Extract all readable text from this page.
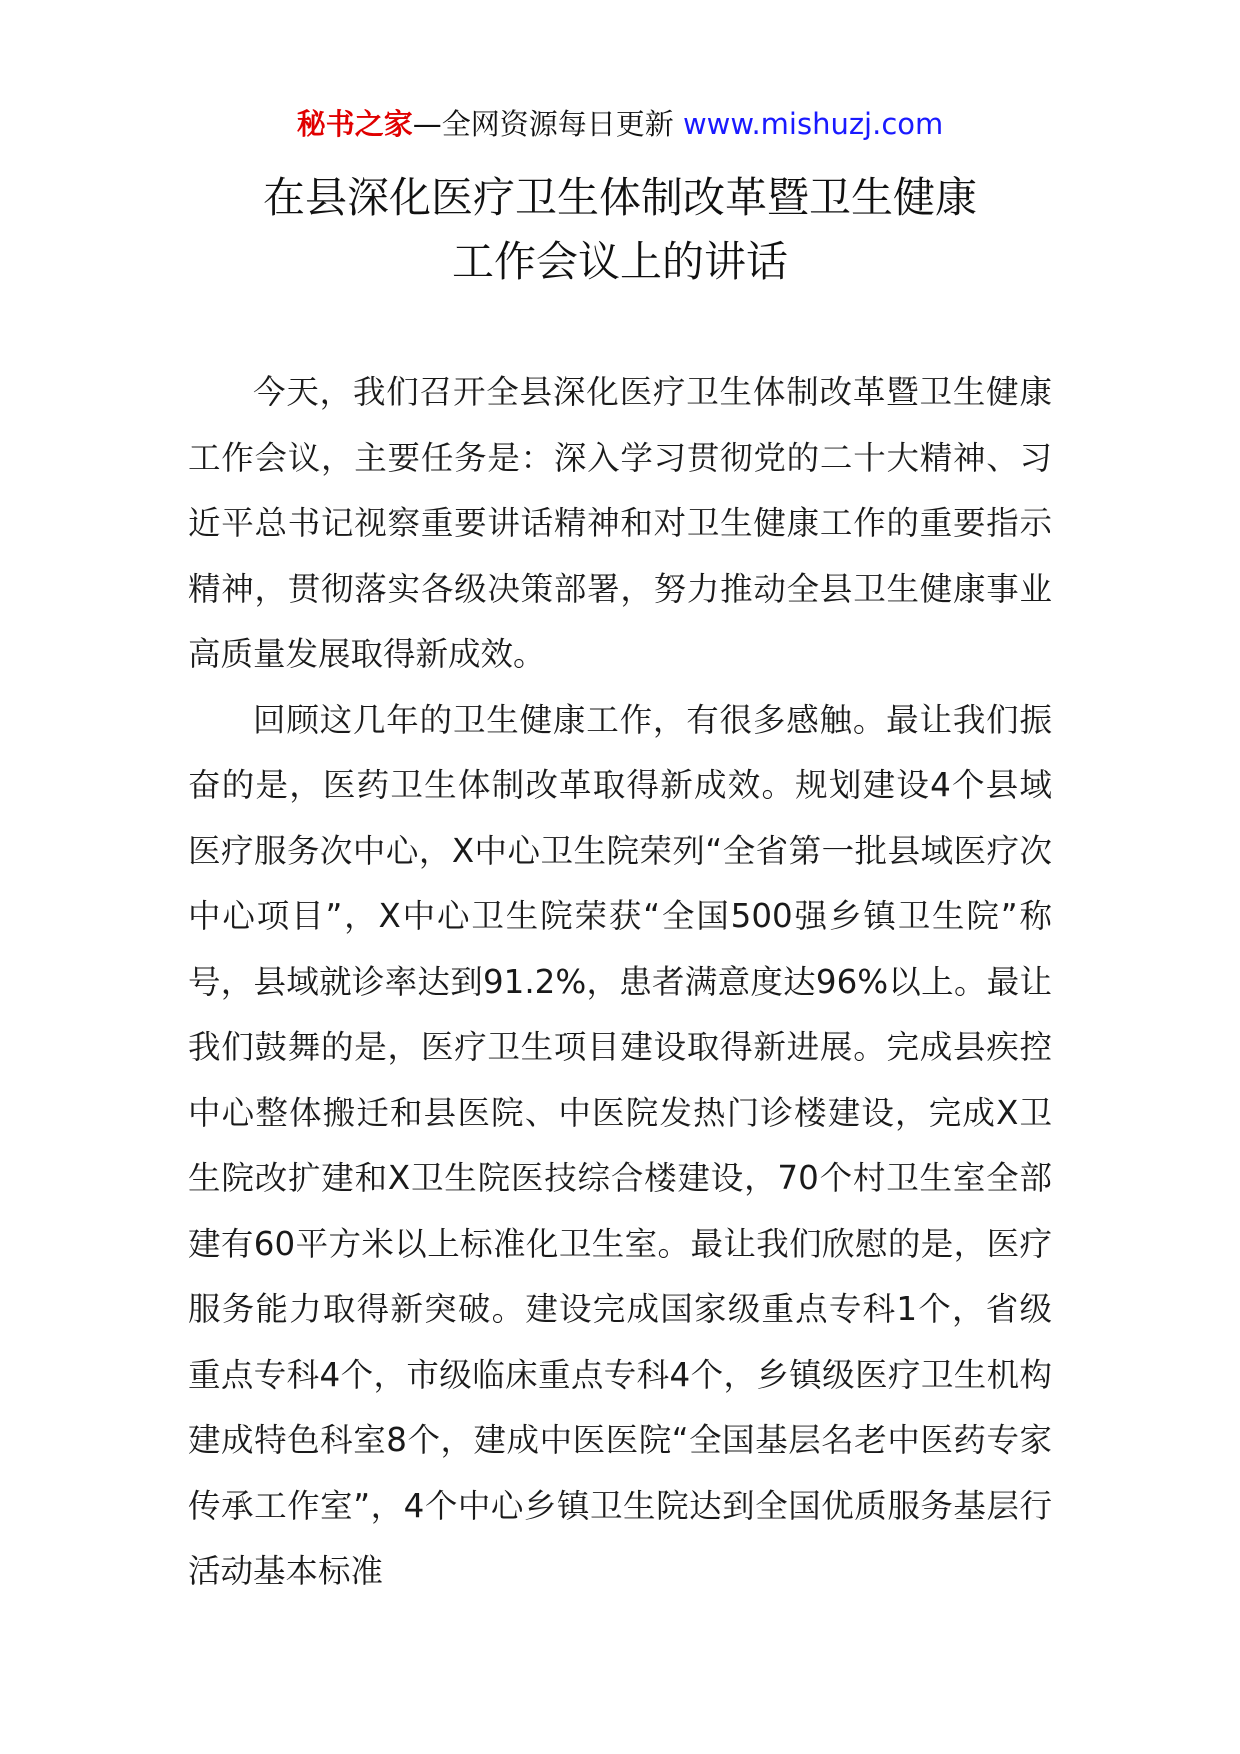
秘书之家—全网资源每日更新 www.mishuzj.com
在县深化医疗卫生体制改革暨卫生健康
工作会议上的讲话

今天，我们召开全县深化医疗卫生体制改革暨卫生健康工作会议，主要任务是：深入学习贯彻党的二十大精神、习近平总书记视察重要讲话精神和对卫生健康工作的重要指示精神，贯彻落实各级决策部署，努力推动全县卫生健康事业高质量发展取得新成效。

回顾这几年的卫生健康工作，有很多感触。最让我们振奋的是，医药卫生体制改革取得新成效。规划建设4个县域医疗服务次中心，X中心卫生院荣列“全省第一批县域医疗次中心项目”，X中心卫生院荣获“全国500强乡镇卫生院”称号，县域就诊率达到91.2%，患者满意度达96%以上。最让我们鼓舞的是，医疗卫生项目建设取得新进展。完成县疾控中心整体搬迁和县医院、中医院发热门诊楼建设，完成X卫生院改扩建和X卫生院医技综合楼建设，70个村卫生室全部建有60平方米以上标准化卫生室。最让我们欣慰的是，医疗服务能力取得新突破。建设完成国家级重点专科1个，省级重点专科4个，市级临床重点专科4个，乡镇级医疗卫生机构建成特色科室8个，建成中医医院“全国基层名老中医药专家传承工作室”，4个中心乡镇卫生院达到全国优质服务基层行活动基本标准
